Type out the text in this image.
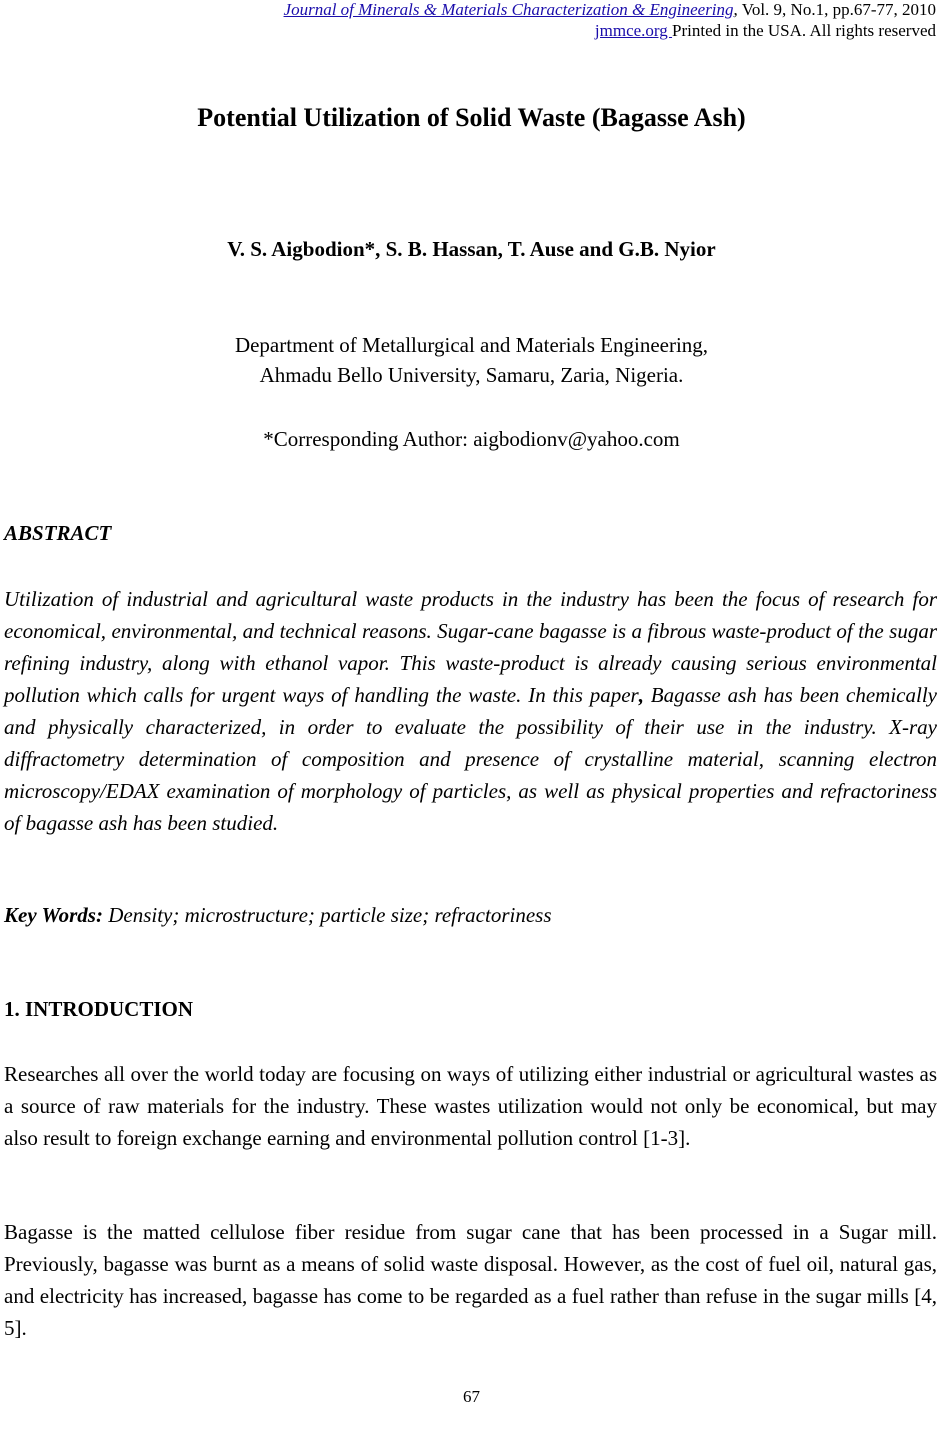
Journal of Minerals & Materials Characterization & Engineering, Vol. 9, No.1, pp.67-77, 2010
jmmce.org Printed in the USA. All rights reserved
Potential Utilization of Solid Waste (Bagasse Ash)
V. S. Aigbodion*, S. B. Hassan, T. Ause and G.B. Nyior
Department of Metallurgical and Materials Engineering,
Ahmadu Bello University, Samaru, Zaria, Nigeria.
*Corresponding Author: aigbodionv@yahoo.com
ABSTRACT
Utilization of industrial and agricultural waste products in the industry has been the focus of research for economical, environmental, and technical reasons. Sugar-cane bagasse is a fibrous waste-product of the sugar refining industry, along with ethanol vapor. This waste-product is already causing serious environmental pollution which calls for urgent ways of handling the waste. In this paper, Bagasse ash has been chemically and physically characterized, in order to evaluate the possibility of their use in the industry. X-ray diffractometry determination of composition and presence of crystalline material, scanning electron microscopy/EDAX examination of morphology of particles, as well as physical properties and refractoriness of bagasse ash has been studied.
Key Words: Density; microstructure; particle size; refractoriness
1. INTRODUCTION
Researches all over the world today are focusing on ways of utilizing either industrial or agricultural wastes as a source of raw materials for the industry. These wastes utilization would not only be economical, but may also result to foreign exchange earning and environmental pollution control [1-3].
Bagasse is the matted cellulose fiber residue from sugar cane that has been processed in a Sugar mill. Previously, bagasse was burnt as a means of solid waste disposal. However, as the cost of fuel oil, natural gas, and electricity has increased, bagasse has come to be regarded as a fuel rather than refuse in the sugar mills [4, 5].
67
